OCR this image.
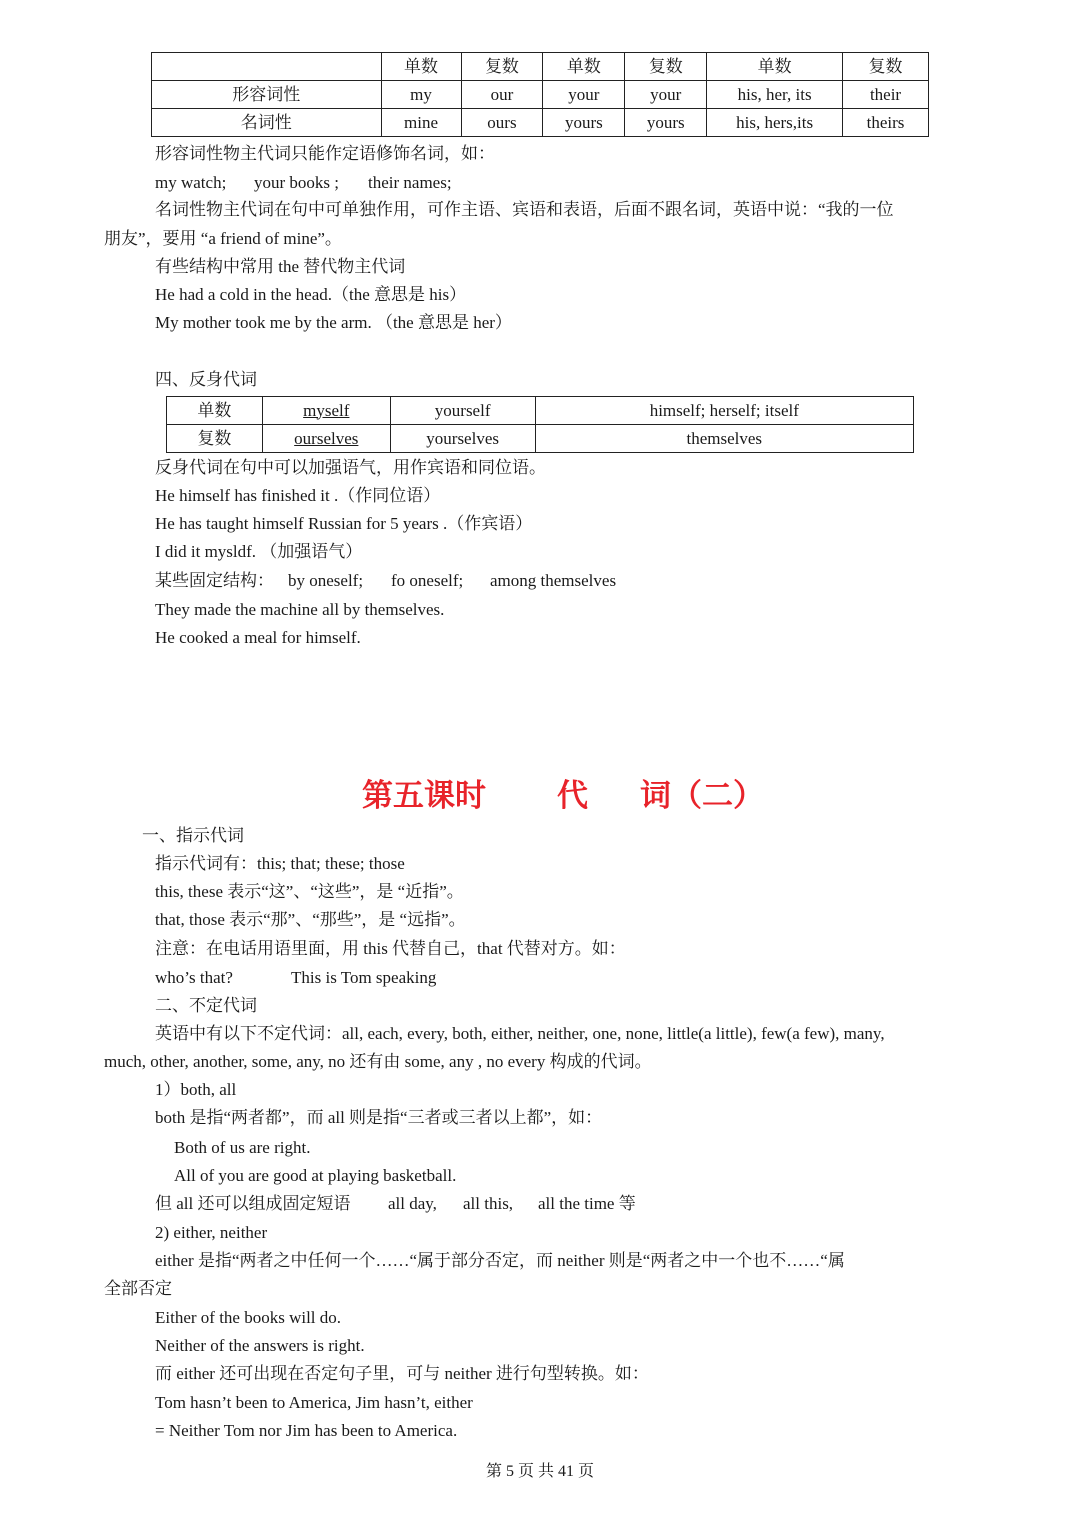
	单数	复数	单数	复数	单数	复数
形容词性	my	our	your	your	his, her, its	their
名词性	mine	ours	yours	yours	his, hers,its	theirs
形容词性物主代词只能作定语修饰名词，如：
my watch; your books ; their names;
名词性物主代词在句中可单独作用，可作主语、宾语和表语，后面不跟名词，英语中说：“我的一位
朋友”，要用 “a friend of mine”。
有些结构中常用 the 替代物主代词
He had a cold in the head.（the 意思是 his）
My mother took me by the arm. （the 意思是 her）
四、反身代词
单数	myself	yourself	himself; herself; itself
复数	ourselves	yourselves	themselves
反身代词在句中可以加强语气，用作宾语和同位语。
He himself has finished it .（作同位语）
He has taught himself Russian for 5 years .（作宾语）
I did it mysldf. （加强语气）
某些固定结构： by oneself; fo oneself; among themselves
They made the machine all by themselves.
He cooked a meal for himself.
第五课时 代 词（二）
一、指示代词
指示代词有：this; that; these; those
this, these 表示“这”、“这些”，是 “近指”。
that, those 表示“那”、“那些”，是 “远指”。
注意：在电话用语里面，用 this 代替自己，that 代替对方。如：
who’s that?	This is Tom speaking
二、不定代词
英语中有以下不定代词：all, each, every, both, either, neither, one, none, little(a little), few(a few), many,
much, other, another, some, any, no 还有由 some, any , no every 构成的代词。
1）both, all
both 是指“两者都”，而 all 则是指“三者或三者以上都”，如：
Both of us are right.
All of you are good at playing basketball.
但 all 还可以组成固定短语 all day, all this, all the time 等
2) either, neither
either 是指“两者之中任何一个……“属于部分否定，而 neither 则是“两者之中一个也不……“属
全部否定
Either of the books will do.
Neither of the answers is right.
而 either 还可出现在否定句子里，可与 neither 进行句型转换。如：
Tom hasn’t been to America, Jim hasn’t, either
= Neither Tom nor Jim has been to America.
第 5 页 共 41 页
